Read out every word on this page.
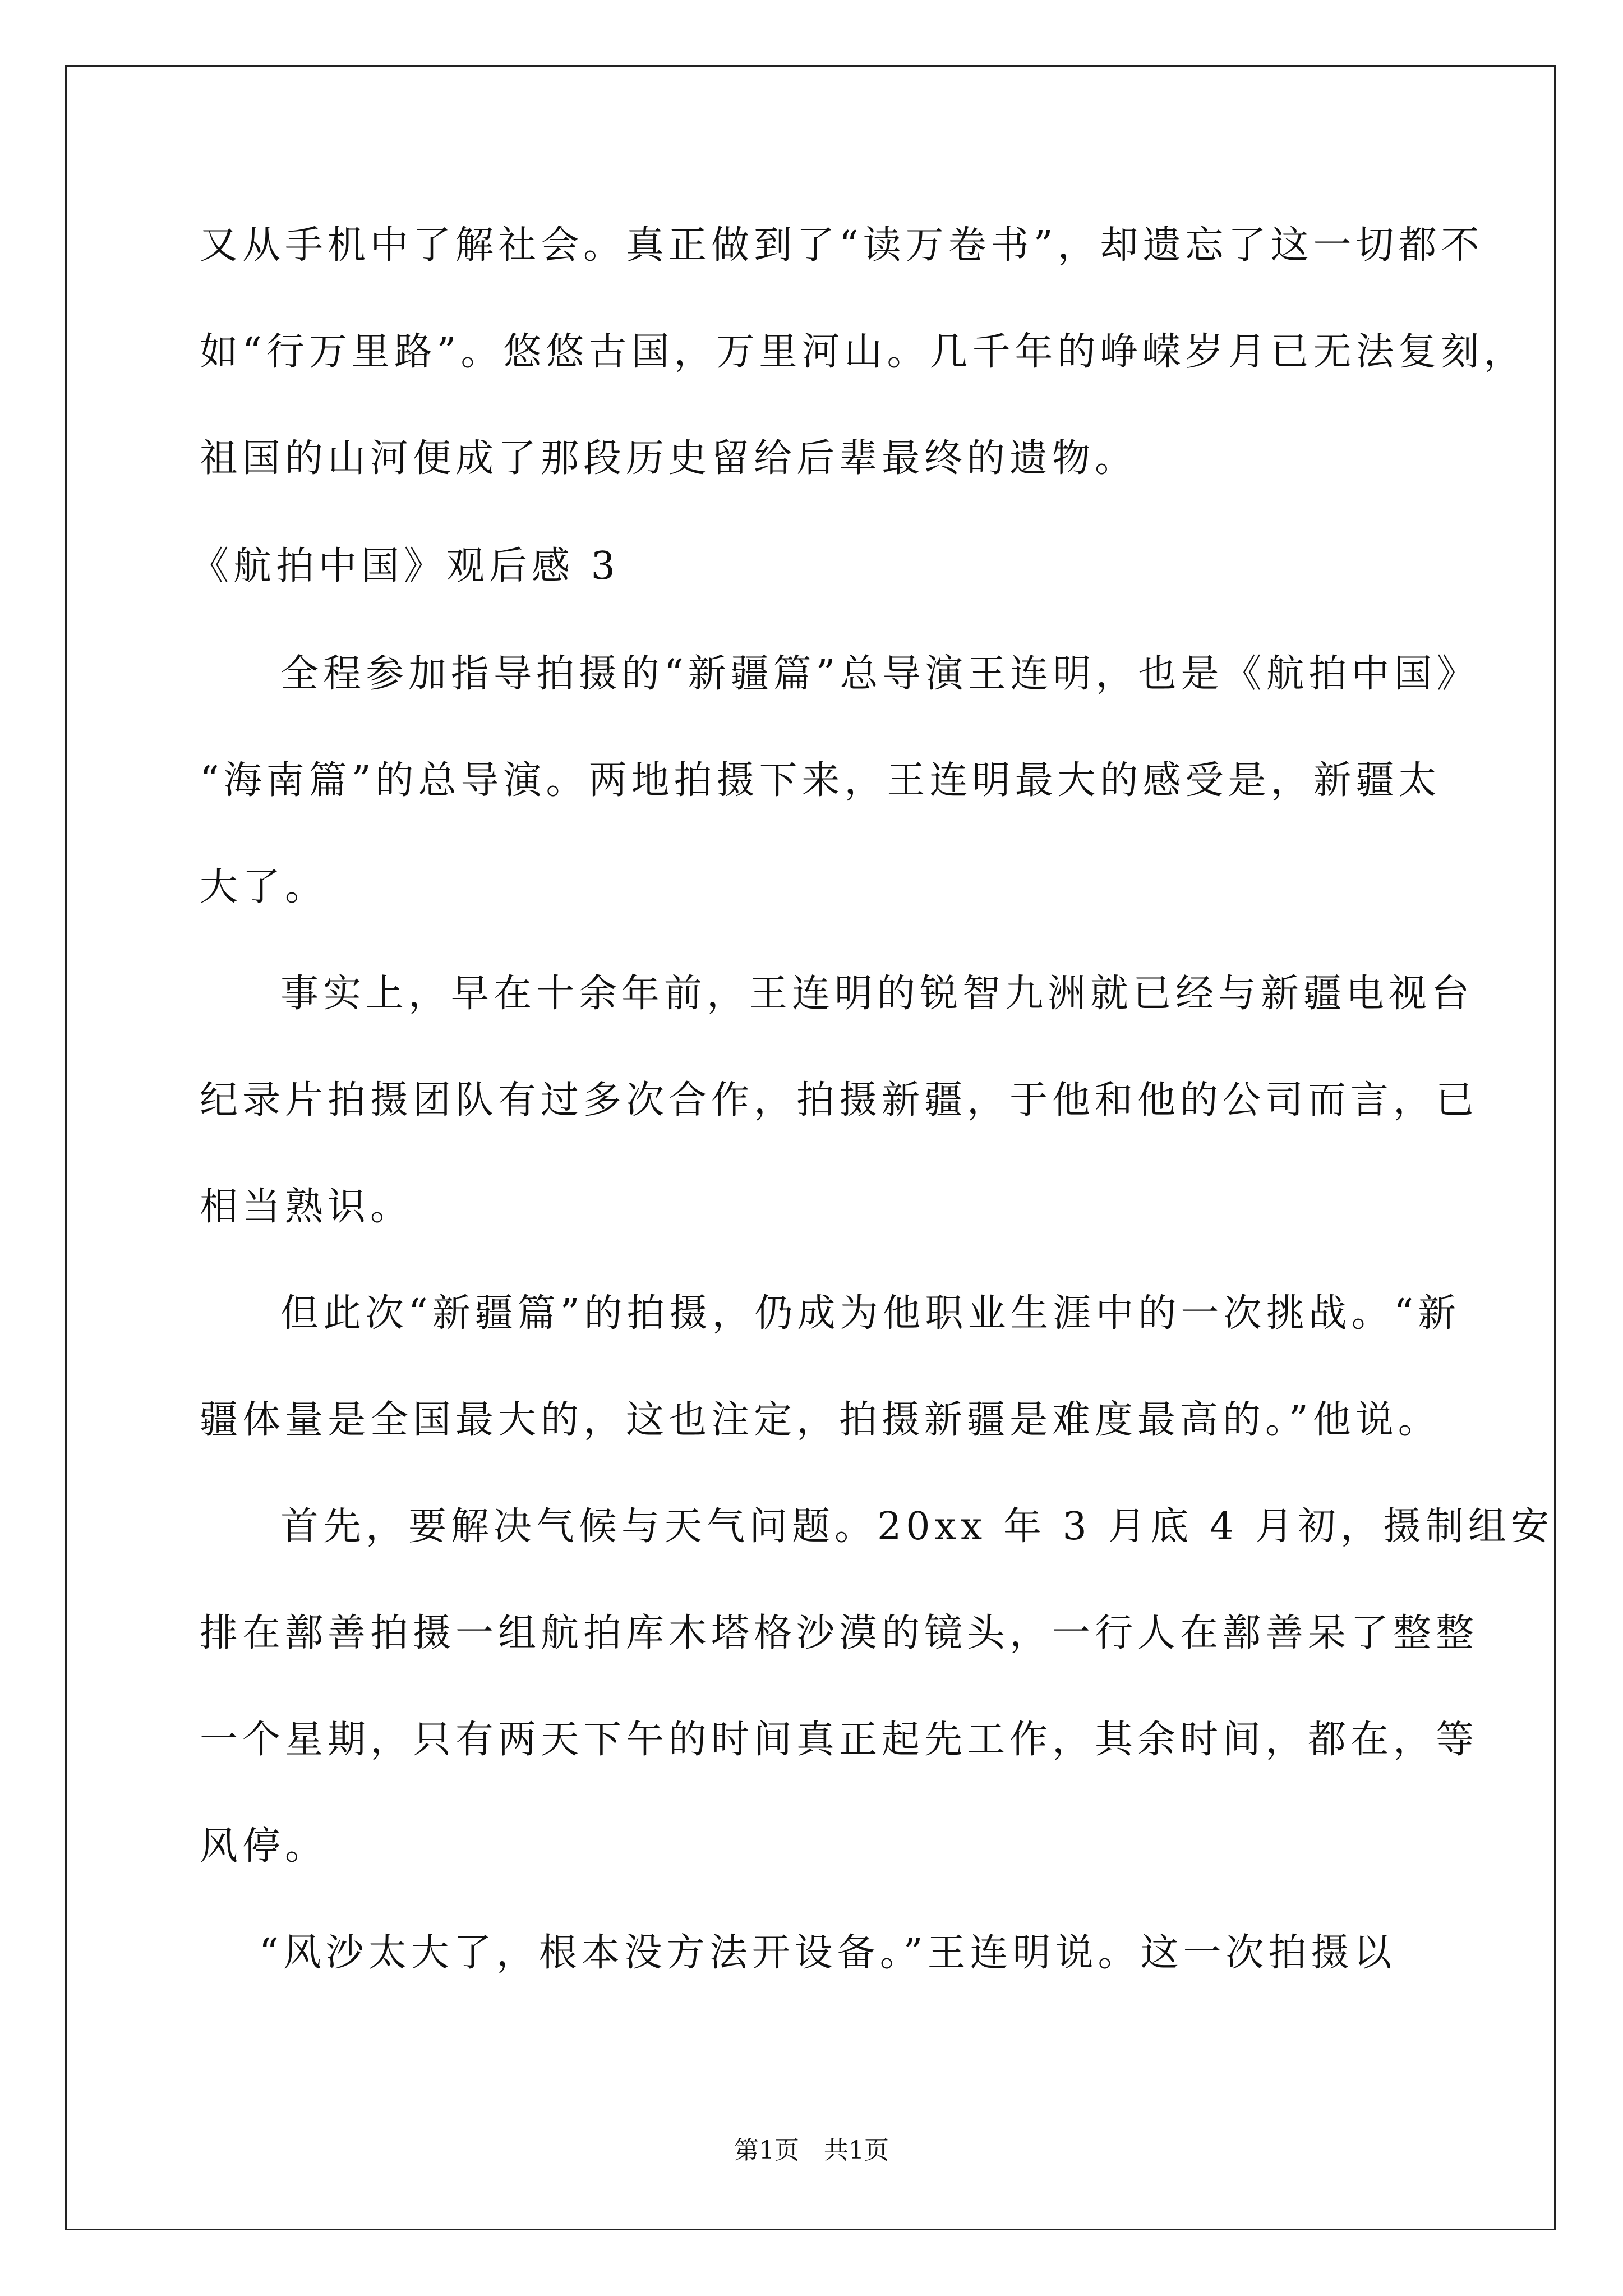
又从手机中了解社会。真正做到了“读万卷书”，却遗忘了这一切都不
如“行万里路”。悠悠古国，万里河山。几千年的峥嵘岁月已无法复刻，
祖国的山河便成了那段历史留给后辈最终的遗物。
《航拍中国》观后感 3
全程参加指导拍摄的“新疆篇”总导演王连明，也是《航拍中国》
“海南篇”的总导演。两地拍摄下来，王连明最大的感受是，新疆太
大了。
事实上，早在十余年前，王连明的锐智九洲就已经与新疆电视台
纪录片拍摄团队有过多次合作，拍摄新疆，于他和他的公司而言，已
相当熟识。
但此次“新疆篇”的拍摄，仍成为他职业生涯中的一次挑战。“新
疆体量是全国最大的，这也注定，拍摄新疆是难度最高的。”他说。
首先，要解决气候与天气问题。20xx 年 3 月底 4 月初，摄制组安
排在鄯善拍摄一组航拍库木塔格沙漠的镜头，一行人在鄯善呆了整整
一个星期，只有两天下午的时间真正起先工作，其余时间，都在，等
风停。
“风沙太大了，根本没方法开设备。”王连明说。这一次拍摄以
第1页　共1页
